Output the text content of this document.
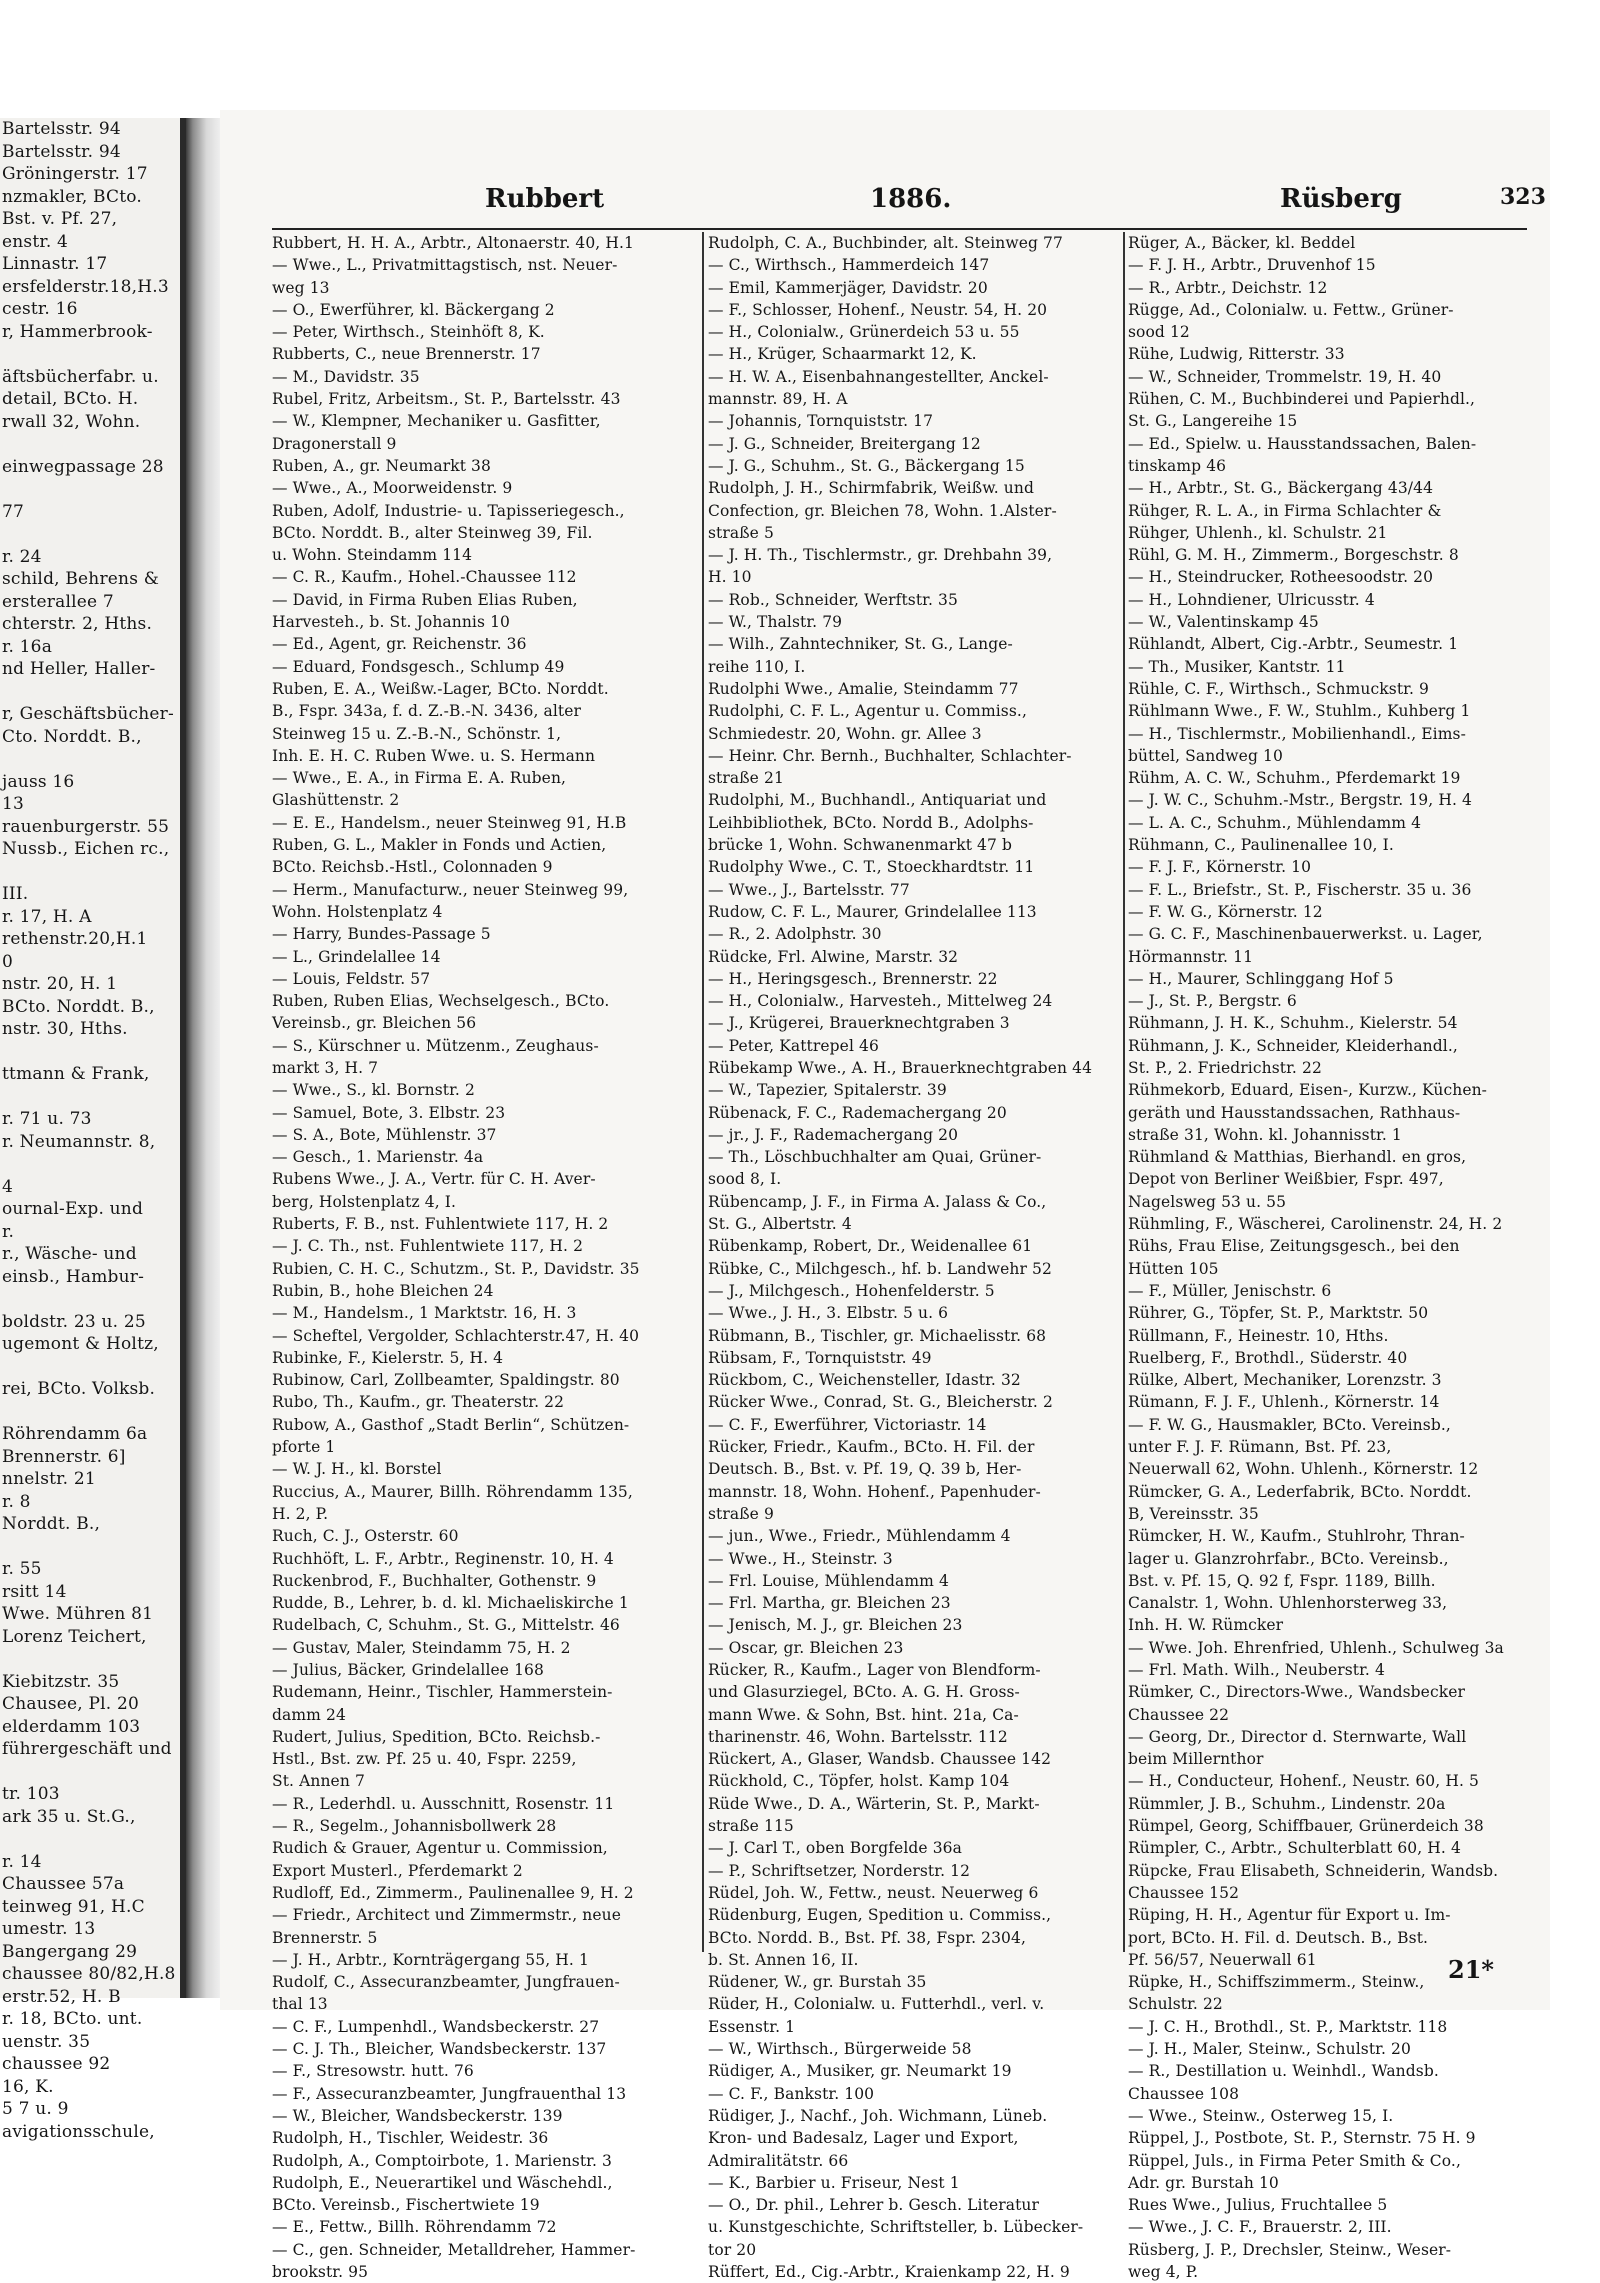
Bartelsstr. 94
Bartelsstr. 94
Gröningerstr. 17
nzmakler, BCto.
Bst. v. Pf. 27,
enstr. 4
Linnastr. 17
ersfelderstr.18,H.3
cestr. 16
r, Hammerbrook-

äftsbücherfabr. u.
detail, BCto. H.
rwall 32, Wohn.

einwegpassage 28

77

r. 24
schild, Behrens &
ersterallee 7
chterstr. 2, Hths.
r. 16a
nd Heller, Haller-

r, Geschäftsbücher-
Cto. Norddt. B.,

jauss 16
13
rauenburgerstr. 55
Nussb., Eichen rc.,

III.
r. 17, H. A
rethenstr.20,H.1
0
nstr. 20, H. 1
BCto. Norddt. B.,
nstr. 30, Hths.

ttmann & Frank,

r. 71 u. 73
r. Neumannstr. 8,

4
ournal-Exp. und
r.
r., Wäsche- und
einsb., Hambur-

boldstr. 23 u. 25
ugemont & Holtz,

rei, BCto. Volksb.

Röhrendamm 6a
Brennerstr. 6]
nnelstr. 21
r. 8
Norddt. B.,

r. 55
rsitt 14
Wwe. Mühren 81
Lorenz Teichert,

Kiebitzstr. 35
Chausee, Pl. 20
elderdamm 103
führergeschäft und

tr. 103
ark 35 u. St.G.,

r. 14
Chaussee 57a
teinweg 91, H.C
umestr. 13
Bangergang 29
chaussee 80/82,H.8
erstr.52, H. B
r. 18, BCto. unt.
uenstr. 35
chaussee 92
16, K.
5 7 u. 9
avigationsschule,
Rubbert	1886.	Rüsberg	323
Rubbert, H. H. A., Arbtr., Altonaerstr. 40, H.1
— Wwe., L., Privatmittagstisch, nst. Neuer-
weg 13
— O., Ewerführer, kl. Bäckergang 2
— Peter, Wirthsch., Steinhöft 8, K.
Rubberts, C., neue Brennerstr. 17
— M., Davidstr. 35
Rubel, Fritz, Arbeitsm., St. P., Bartelsstr. 43
— W., Klempner, Mechaniker u. Gasfitter,
Dragonerstall 9
Ruben, A., gr. Neumarkt 38
— Wwe., A., Moorweidenstr. 9
Ruben, Adolf, Industrie- u. Tapisseriegesch.,
BCto. Norddt. B., alter Steinweg 39, Fil.
u. Wohn. Steindamm 114
— C. R., Kaufm., Hohel.-Chaussee 112
— David, in Firma Ruben Elias Ruben,
Harvesteh., b. St. Johannis 10
— Ed., Agent, gr. Reichenstr. 36
— Eduard, Fondsgesch., Schlump 49
Ruben, E. A., Weißw.-Lager, BCto. Norddt.
B., Fspr. 343a, f. d. Z.-B.-N. 3436, alter
Steinweg 15 u. Z.-B.-N., Schönstr. 1,
Inh. E. H. C. Ruben Wwe. u. S. Hermann
— Wwe., E. A., in Firma E. A. Ruben,
Glashüttenstr. 2
— E. E., Handelsm., neuer Steinweg 91, H.B
Ruben, G. L., Makler in Fonds und Actien,
BCto. Reichsb.-Hstl., Colonnaden 9
— Herm., Manufacturw., neuer Steinweg 99,
Wohn. Holstenplatz 4
— Harry, Bundes-Passage 5
— L., Grindelallee 14
— Louis, Feldstr. 57
Ruben, Ruben Elias, Wechselgesch., BCto.
Vereinsb., gr. Bleichen 56
— S., Kürschner u. Mützenm., Zeughaus-
markt 3, H. 7
— Wwe., S., kl. Bornstr. 2
— Samuel, Bote, 3. Elbstr. 23
— S. A., Bote, Mühlenstr. 37
— Gesch., 1. Marienstr. 4a
Rubens Wwe., J. A., Vertr. für C. H. Aver-
berg, Holstenplatz 4, I.
Ruberts, F. B., nst. Fuhlentwiete 117, H. 2
— J. C. Th., nst. Fuhlentwiete 117, H. 2
Rubien, C. H. C., Schutzm., St. P., Davidstr. 35
Rubin, B., hohe Bleichen 24
— M., Handelsm., 1 Marktstr. 16, H. 3
— Scheftel, Vergolder, Schlachterstr.47, H. 40
Rubinke, F., Kielerstr. 5, H. 4
Rubinow, Carl, Zollbeamter, Spaldingstr. 80
Rubo, Th., Kaufm., gr. Theaterstr. 22
Rubow, A., Gasthof „Stadt Berlin“, Schützen-
pforte 1
— W. J. H., kl. Borstel
Ruccius, A., Maurer, Billh. Röhrendamm 135,
H. 2, P.
Ruch, C. J., Osterstr. 60
Ruchhöft, L. F., Arbtr., Reginenstr. 10, H. 4
Ruckenbrod, F., Buchhalter, Gothenstr. 9
Rudde, B., Lehrer, b. d. kl. Michaeliskirche 1
Rudelbach, C, Schuhm., St. G., Mittelstr. 46
— Gustav, Maler, Steindamm 75, H. 2
— Julius, Bäcker, Grindelallee 168
Rudemann, Heinr., Tischler, Hammerstein-
damm 24
Rudert, Julius, Spedition, BCto. Reichsb.-
Hstl., Bst. zw. Pf. 25 u. 40, Fspr. 2259,
St. Annen 7
— R., Lederhdl. u. Ausschnitt, Rosenstr. 11
— R., Segelm., Johannisbollwerk 28
Rudich & Grauer, Agentur u. Commission,
Export Musterl., Pferdemarkt 2
Rudloff, Ed., Zimmerm., Paulinenallee 9, H. 2
— Friedr., Architect und Zimmermstr., neue
Brennerstr. 5
— J. H., Arbtr., Kornträgergang 55, H. 1
Rudolf, C., Assecuranzbeamter, Jungfrauen-
thal 13
— C. F., Lumpenhdl., Wandsbeckerstr. 27
— C. J. Th., Bleicher, Wandsbeckerstr. 137
— F., Stresowstr. hutt. 76
— F., Assecuranzbeamter, Jungfrauenthal 13
— W., Bleicher, Wandsbeckerstr. 139
Rudolph, H., Tischler, Weidestr. 36
Rudolph, A., Comptoirbote, 1. Marienstr. 3
Rudolph, E., Neuerartikel und Wäschehdl.,
BCto. Vereinsb., Fischertwiete 19
— E., Fettw., Billh. Röhrendamm 72
— C., gen. Schneider, Metalldreher, Hammer-
brookstr. 95
Rudolph, C. A., Buchbinder, alt. Steinweg 77
— C., Wirthsch., Hammerdeich 147
— Emil, Kammerjäger, Davidstr. 20
— F., Schlosser, Hohenf., Neustr. 54, H. 20
— H., Colonialw., Grünerdeich 53 u. 55
— H., Krüger, Schaarmarkt 12, K.
— H. W. A., Eisenbahnangestellter, Anckel-
mannstr. 89, H. A
— Johannis, Tornquiststr. 17
— J. G., Schneider, Breitergang 12
— J. G., Schuhm., St. G., Bäckergang 15
Rudolph, J. H., Schirmfabrik, Weißw. und
Confection, gr. Bleichen 78, Wohn. 1.Alster-
straße 5
— J. H. Th., Tischlermstr., gr. Drehbahn 39,
H. 10
— Rob., Schneider, Werftstr. 35
— W., Thalstr. 79
— Wilh., Zahntechniker, St. G., Lange-
reihe 110, I.
Rudolphi Wwe., Amalie, Steindamm 77
Rudolphi, C. F. L., Agentur u. Commiss.,
Schmiedestr. 20, Wohn. gr. Allee 3
— Heinr. Chr. Bernh., Buchhalter, Schlachter-
straße 21
Rudolphi, M., Buchhandl., Antiquariat und
Leihbibliothek, BCto. Nordd B., Adolphs-
brücke 1, Wohn. Schwanenmarkt 47 b
Rudolphy Wwe., C. T., Stoeckhardtstr. 11
— Wwe., J., Bartelsstr. 77
Rudow, C. F. L., Maurer, Grindelallee 113
— R., 2. Adolphstr. 30
Rüdcke, Frl. Alwine, Marstr. 32
— H., Heringsgesch., Brennerstr. 22
— H., Colonialw., Harvesteh., Mittelweg 24
— J., Krügerei, Brauerknechtgraben 3
— Peter, Kattrepel 46
Rübekamp Wwe., A. H., Brauerknechtgraben 44
— W., Tapezier, Spitalerstr. 39
Rübenack, F. C., Rademachergang 20
— jr., J. F., Rademachergang 20
— Th., Löschbuchhalter am Quai, Grüner-
sood 8, I.
Rübencamp, J. F., in Firma A. Jalass & Co.,
St. G., Albertstr. 4
Rübenkamp, Robert, Dr., Weidenallee 61
Rübke, C., Milchgesch., hf. b. Landwehr 52
— J., Milchgesch., Hohenfelderstr. 5
— Wwe., J. H., 3. Elbstr. 5 u. 6
Rübmann, B., Tischler, gr. Michaelisstr. 68
Rübsam, F., Tornquiststr. 49
Rückbom, C., Weichensteller, Idastr. 32
Rücker Wwe., Conrad, St. G., Bleicherstr. 2
— C. F., Ewerführer, Victoriastr. 14
Rücker, Friedr., Kaufm., BCto. H. Fil. der
Deutsch. B., Bst. v. Pf. 19, Q. 39 b, Her-
mannstr. 18, Wohn. Hohenf., Papenhuder-
straße 9
— jun., Wwe., Friedr., Mühlendamm 4
— Wwe., H., Steinstr. 3
— Frl. Louise, Mühlendamm 4
— Frl. Martha, gr. Bleichen 23
— Jenisch, M. J., gr. Bleichen 23
— Oscar, gr. Bleichen 23
Rücker, R., Kaufm., Lager von Blendform-
und Glasurziegel, BCto. A. G. H. Gross-
mann Wwe. & Sohn, Bst. hint. 21a, Ca-
tharinenstr. 46, Wohn. Bartelsstr. 112
Rückert, A., Glaser, Wandsb. Chaussee 142
Rückhold, C., Töpfer, holst. Kamp 104
Rüde Wwe., D. A., Wärterin, St. P., Markt-
straße 115
— J. Carl T., oben Borgfelde 36a
— P., Schriftsetzer, Norderstr. 12
Rüdel, Joh. W., Fettw., neust. Neuerweg 6
Rüdenburg, Eugen, Spedition u. Commiss.,
BCto. Nordd. B., Bst. Pf. 38, Fspr. 2304,
b. St. Annen 16, II.
Rüdener, W., gr. Burstah 35
Rüder, H., Colonialw. u. Futterhdl., verl. v.
Essenstr. 1
— W., Wirthsch., Bürgerweide 58
Rüdiger, A., Musiker, gr. Neumarkt 19
— C. F., Bankstr. 100
Rüdiger, J., Nachf., Joh. Wichmann, Lüneb.
Kron- und Badesalz, Lager und Export,
Admiralitätstr. 66
— K., Barbier u. Friseur, Nest 1
— O., Dr. phil., Lehrer b. Gesch. Literatur
u. Kunstgeschichte, Schriftsteller, b. Lübecker-
tor 20
Rüffert, Ed., Cig.-Arbtr., Kraienkamp 22, H. 9
Rüger, A., Bäcker, kl. Beddel
— F. J. H., Arbtr., Druvenhof 15
— R., Arbtr., Deichstr. 12
Rügge, Ad., Colonialw. u. Fettw., Grüner-
sood 12
Rühe, Ludwig, Ritterstr. 33
— W., Schneider, Trommelstr. 19, H. 40
Rühen, C. M., Buchbinderei und Papierhdl.,
St. G., Langereihe 15
— Ed., Spielw. u. Hausstandssachen, Balen-
tinskamp 46
— H., Arbtr., St. G., Bäckergang 43/44
Rühger, R. L. A., in Firma Schlachter &
Rühger, Uhlenh., kl. Schulstr. 21
Rühl, G. M. H., Zimmerm., Borgeschstr. 8
— H., Steindrucker, Rotheesoodstr. 20
— H., Lohndiener, Ulricusstr. 4
— W., Valentinskamp 45
Rühlandt, Albert, Cig.-Arbtr., Seumestr. 1
— Th., Musiker, Kantstr. 11
Rühle, C. F., Wirthsch., Schmuckstr. 9
Rühlmann Wwe., F. W., Stuhlm., Kuhberg 1
— H., Tischlermstr., Mobilienhandl., Eims-
büttel, Sandweg 10
Rühm, A. C. W., Schuhm., Pferdemarkt 19
— J. W. C., Schuhm.-Mstr., Bergstr. 19, H. 4
— L. A. C., Schuhm., Mühlendamm 4
Rühmann, C., Paulinenallee 10, I.
— F. J. F., Körnerstr. 10
— F. L., Briefstr., St. P., Fischerstr. 35 u. 36
— F. W. G., Körnerstr. 12
— G. C. F., Maschinenbauerwerkst. u. Lager,
Hörmannstr. 11
— H., Maurer, Schlinggang Hof 5
— J., St. P., Bergstr. 6
Rühmann, J. H. K., Schuhm., Kielerstr. 54
Rühmann, J. K., Schneider, Kleiderhandl.,
St. P., 2. Friedrichstr. 22
Rühmekorb, Eduard, Eisen-, Kurzw., Küchen-
geräth und Hausstandssachen, Rathhaus-
straße 31, Wohn. kl. Johannisstr. 1
Rühmland & Matthias, Bierhandl. en gros,
Depot von Berliner Weißbier, Fspr. 497,
Nagelsweg 53 u. 55
Rühmling, F., Wäscherei, Carolinenstr. 24, H. 2
Rühs, Frau Elise, Zeitungsgesch., bei den
Hütten 105
— F., Müller, Jenischstr. 6
Rührer, G., Töpfer, St. P., Marktstr. 50
Rüllmann, F., Heinestr. 10, Hths.
Ruelberg, F., Brothdl., Süderstr. 40
Rülke, Albert, Mechaniker, Lorenzstr. 3
Rümann, F. J. F., Uhlenh., Körnerstr. 14
— F. W. G., Hausmakler, BCto. Vereinsb.,
unter F. J. F. Rümann, Bst. Pf. 23,
Neuerwall 62, Wohn. Uhlenh., Körnerstr. 12
Rümcker, G. A., Lederfabrik, BCto. Norddt.
B, Vereinsstr. 35
Rümcker, H. W., Kaufm., Stuhlrohr, Thran-
lager u. Glanzrohrfabr., BCto. Vereinsb.,
Bst. v. Pf. 15, Q. 92 f, Fspr. 1189, Billh.
Canalstr. 1, Wohn. Uhlenhorsterweg 33,
Inh. H. W. Rümcker
— Wwe. Joh. Ehrenfried, Uhlenh., Schulweg 3a
— Frl. Math. Wilh., Neuberstr. 4
Rümker, C., Directors-Wwe., Wandsbecker
Chaussee 22
— Georg, Dr., Director d. Sternwarte, Wall
beim Millernthor
— H., Conducteur, Hohenf., Neustr. 60, H. 5
Rümmler, J. B., Schuhm., Lindenstr. 20a
Rümpel, Georg, Schiffbauer, Grünerdeich 38
Rümpler, C., Arbtr., Schulterblatt 60, H. 4
Rüpcke, Frau Elisabeth, Schneiderin, Wandsb.
Chaussee 152
Rüping, H. H., Agentur für Export u. Im-
port, BCto. H. Fil. d. Deutsch. B., Bst.
Pf. 56/57, Neuerwall 61
Rüpke, H., Schiffszimmerm., Steinw.,
Schulstr. 22
— J. C. H., Brothdl., St. P., Marktstr. 118
— J. H., Maler, Steinw., Schulstr. 20
— R., Destillation u. Weinhdl., Wandsb.
Chaussee 108
— Wwe., Steinw., Osterweg 15, I.
Rüppel, J., Postbote, St. P., Sternstr. 75 H. 9
Rüppel, Juls., in Firma Peter Smith & Co.,
Adr. gr. Burstah 10
Rues Wwe., Julius, Fruchtallee 5
— Wwe., J. C. F., Brauerstr. 2, III.
Rüsberg, J. P., Drechsler, Steinw., Weser-
weg 4, P.
21*
